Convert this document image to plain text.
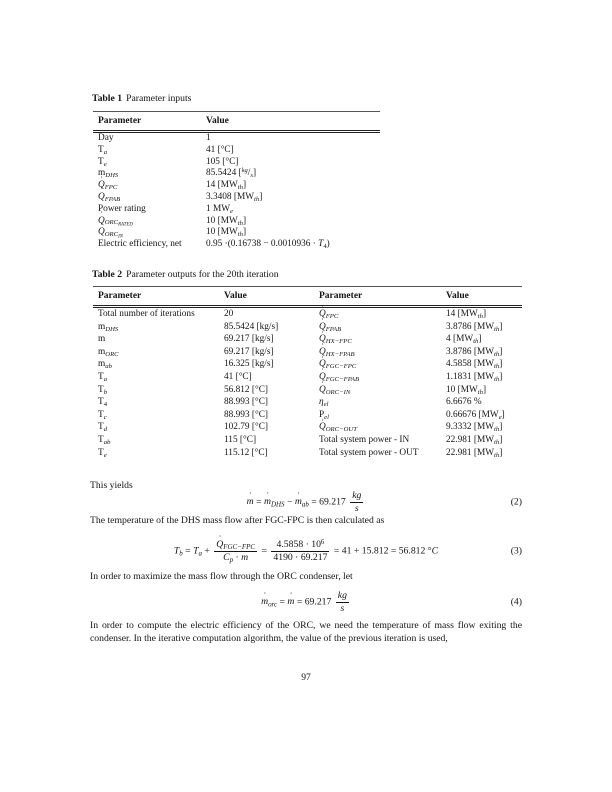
Table 1 Parameter inputs
Parameter	Value
Day	1
$T_a$	41 [°C]
$T_e$	105 [°C]
$m_{DHS}$	85.5424 $[^{kg}/_s]$
Q $˙_{FPC}$	14 $[MW_{th}]$
Q $˙_{FPAB}$	3.3408 $[MW_{th}]$
Power rating	1 $MW_e$
Q $˙_{ORC_{RATED}}$	10 $[MW_{th}]$
Q $˙_{ORC_{IN}}$	10 $[MW_{th}]$
Electric efficiency, net	$0.95 \cdot(0.16738 - 0.0010936 \cdot T_4)$
Table 2 Parameter outputs for the 20th iteration
Parameter	Value	Parameter	Value
Total number of iterations	20	Q $˙_{FPC}$	14 $[MW_{th}]$
$m_{DHS}$	85.5424 [kg/s]	Q $˙_{FPAB}$	3.8786 $[MW_{th}]$
m	69.217 [kg/s]	Q $˙_{HX-FPC}$	4 $[MW_{th}]$
$m_{ORC}$	69.217 [kg/s]	Q $˙_{HX-FPAB}$	3.8786 $[MW_{th}]$
$m_{ab}$	16.325 [kg/s]	Q $˙_{FGC-FPC}$	4.5858 $[MW_{th}]$
$T_a$	41 [°C]	Q $˙_{FGC-FPAB}$	1.1831 $[MW_{th}]$
$T_b$	56.812 [°C]	Q $˙_{ORC-IN}$	10 $[MW_{th}]$
$T_4$	88.993 [°C]	$\eta_{el}$	6.6676 %
$T_c$	88.993 [°C]	$P_{el}$	0.66676 $[MW_e]$
$T_d$	102.79 [°C]	Q $˙_{ORC-OUT}$	9.3332 $[MW_{th}]$
$T_{ab}$	115 [°C]	Total system power - IN	22.981 $[MW_{th}]$
$T_e$	115.12 [°C]	Total system power - OUT	22.981 $[MW_{th}]$
This yields
m ˙ = m $˙_{DHS} - m$ $˙_{ab} = 69.217 \frac{kg}{s}$	(2)
The temperature of the DHS mass flow after FGC-FPC is then calculated as
$T_b = T_a + \frac{Q ˙_{FGC-FPC}}{C_p \cdot m} = \frac{4.5858 \cdot 10^6}{4190 \cdot 69.217} = 41 + 15.812 = 56.812$ °C	(3)
In order to maximize the mass flow through the ORC condenser, let
m $˙_{orc} = m$ ˙ = $69.217 \frac{kg}{s}$	(4)
In order to compute the electric efficiency of the ORC, we need the temperature of mass flow exiting the condenser. In the iterative computation algorithm, the value of the previous iteration is used,
97
